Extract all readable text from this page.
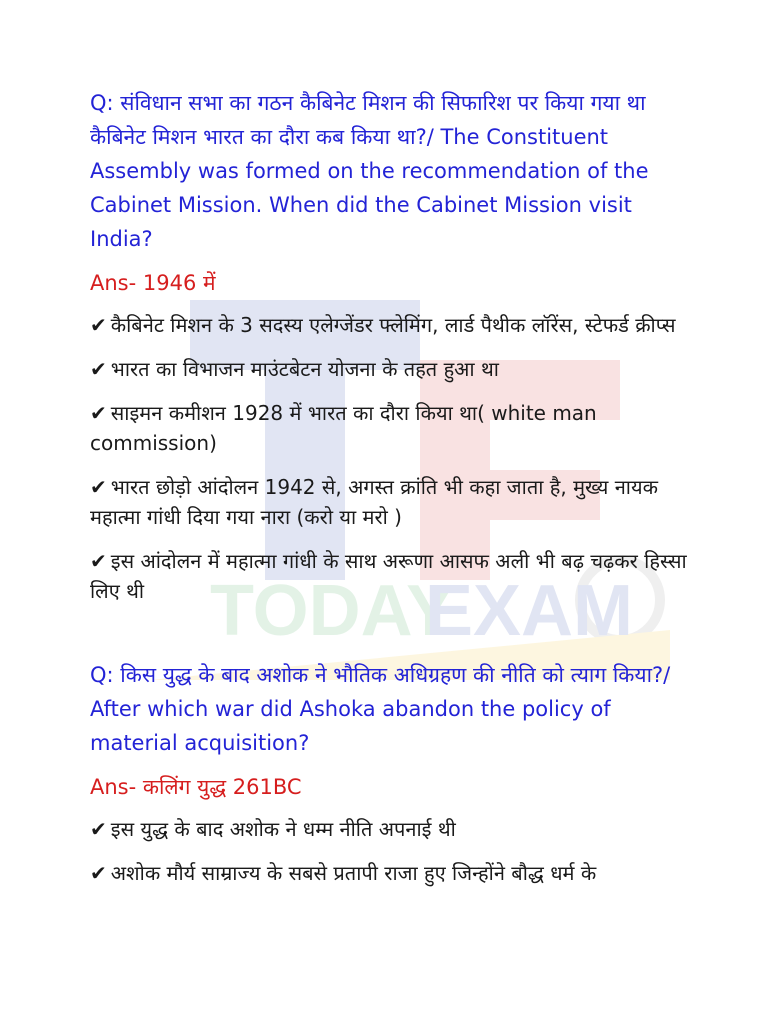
TODAY
EXAM

Q: संविधान सभा का गठन कैबिनेट मिशन की सिफारिश पर किया गया था कैबिनेट मिशन भारत का दौरा कब किया था?/ The Constituent Assembly was formed on the recommendation of the Cabinet Mission. When did the Cabinet Mission visit India?

Ans- 1946 में

✔ कैबिनेट मिशन के 3 सदस्य एलेग्जेंडर फ्लेमिंग, लार्ड पैथीक लॉरेंस, स्टेफर्ड क्रीप्स

✔ भारत का विभाजन माउंटबेटन योजना के तहत हुआ था

✔ साइमन कमीशन 1928 में भारत का दौरा किया था( white man commission)

✔ भारत छोड़ो आंदोलन 1942 से, अगस्त क्रांति भी कहा जाता है, मुख्य नायक महात्मा गांधी दिया गया नारा (करो या मरो )

✔ इस आंदोलन में महात्मा गांधी के साथ अरूणा आसफ अली भी बढ़ चढ़कर हिस्सा लिए थी

Q: किस युद्ध के बाद अशोक ने भौतिक अधिग्रहण की नीति को त्याग किया?/ After which war did Ashoka abandon the policy of material acquisition?

Ans- कलिंग युद्ध 261BC

✔ इस युद्ध के बाद अशोक ने धम्म नीति अपनाई थी

✔ अशोक मौर्य साम्राज्य के सबसे प्रतापी राजा हुए जिन्होंने बौद्ध धर्म के
